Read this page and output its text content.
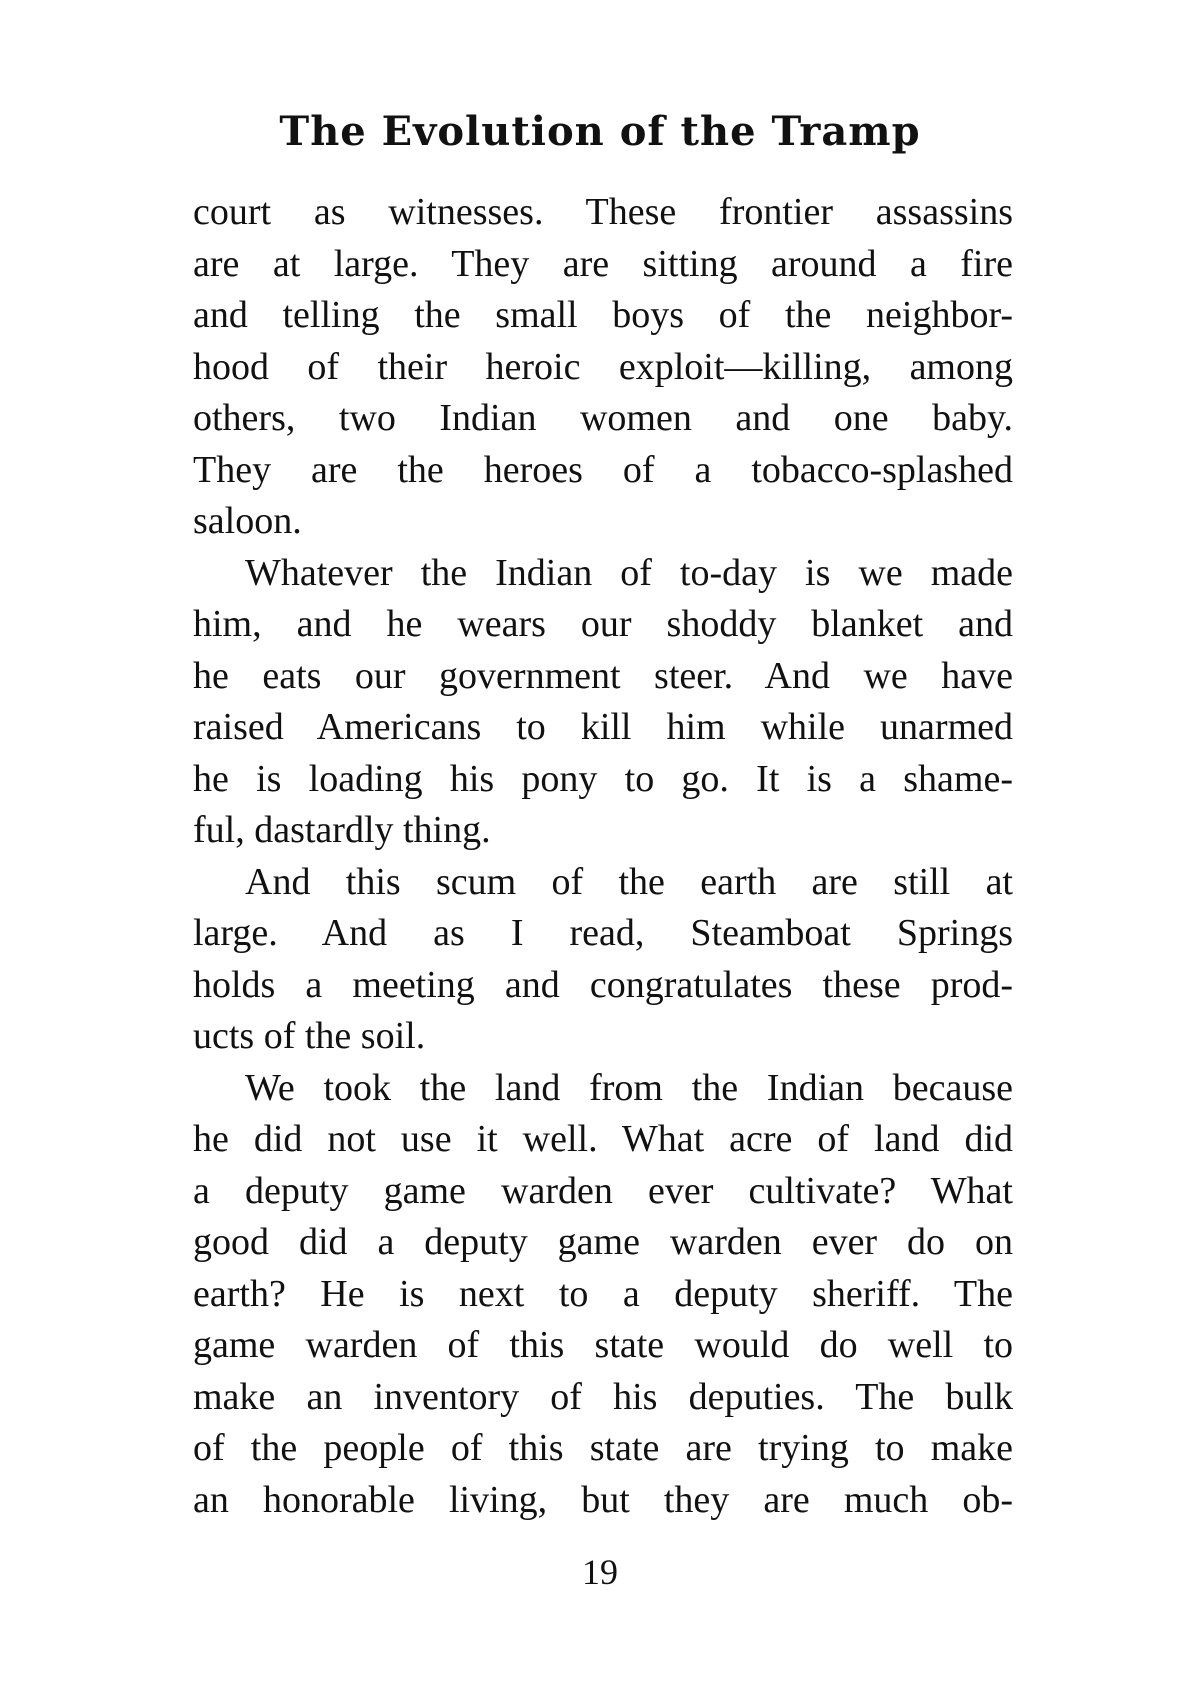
The Evolution of the Tramp
court as witnesses. These frontier assassins
are at large. They are sitting around a fire
and telling the small boys of the neighbor-
hood of their heroic exploit—killing, among
others, two Indian women and one baby.
They are the heroes of a tobacco-splashed
saloon.
Whatever the Indian of to-day is we made
him, and he wears our shoddy blanket and
he eats our government steer. And we have
raised Americans to kill him while unarmed
he is loading his pony to go. It is a shame-
ful, dastardly thing.
And this scum of the earth are still at
large. And as I read, Steamboat Springs
holds a meeting and congratulates these prod-
ucts of the soil.
We took the land from the Indian because
he did not use it well. What acre of land did
a deputy game warden ever cultivate? What
good did a deputy game warden ever do on
earth? He is next to a deputy sheriff. The
game warden of this state would do well to
make an inventory of his deputies. The bulk
of the people of this state are trying to make
an honorable living, but they are much ob-
19
